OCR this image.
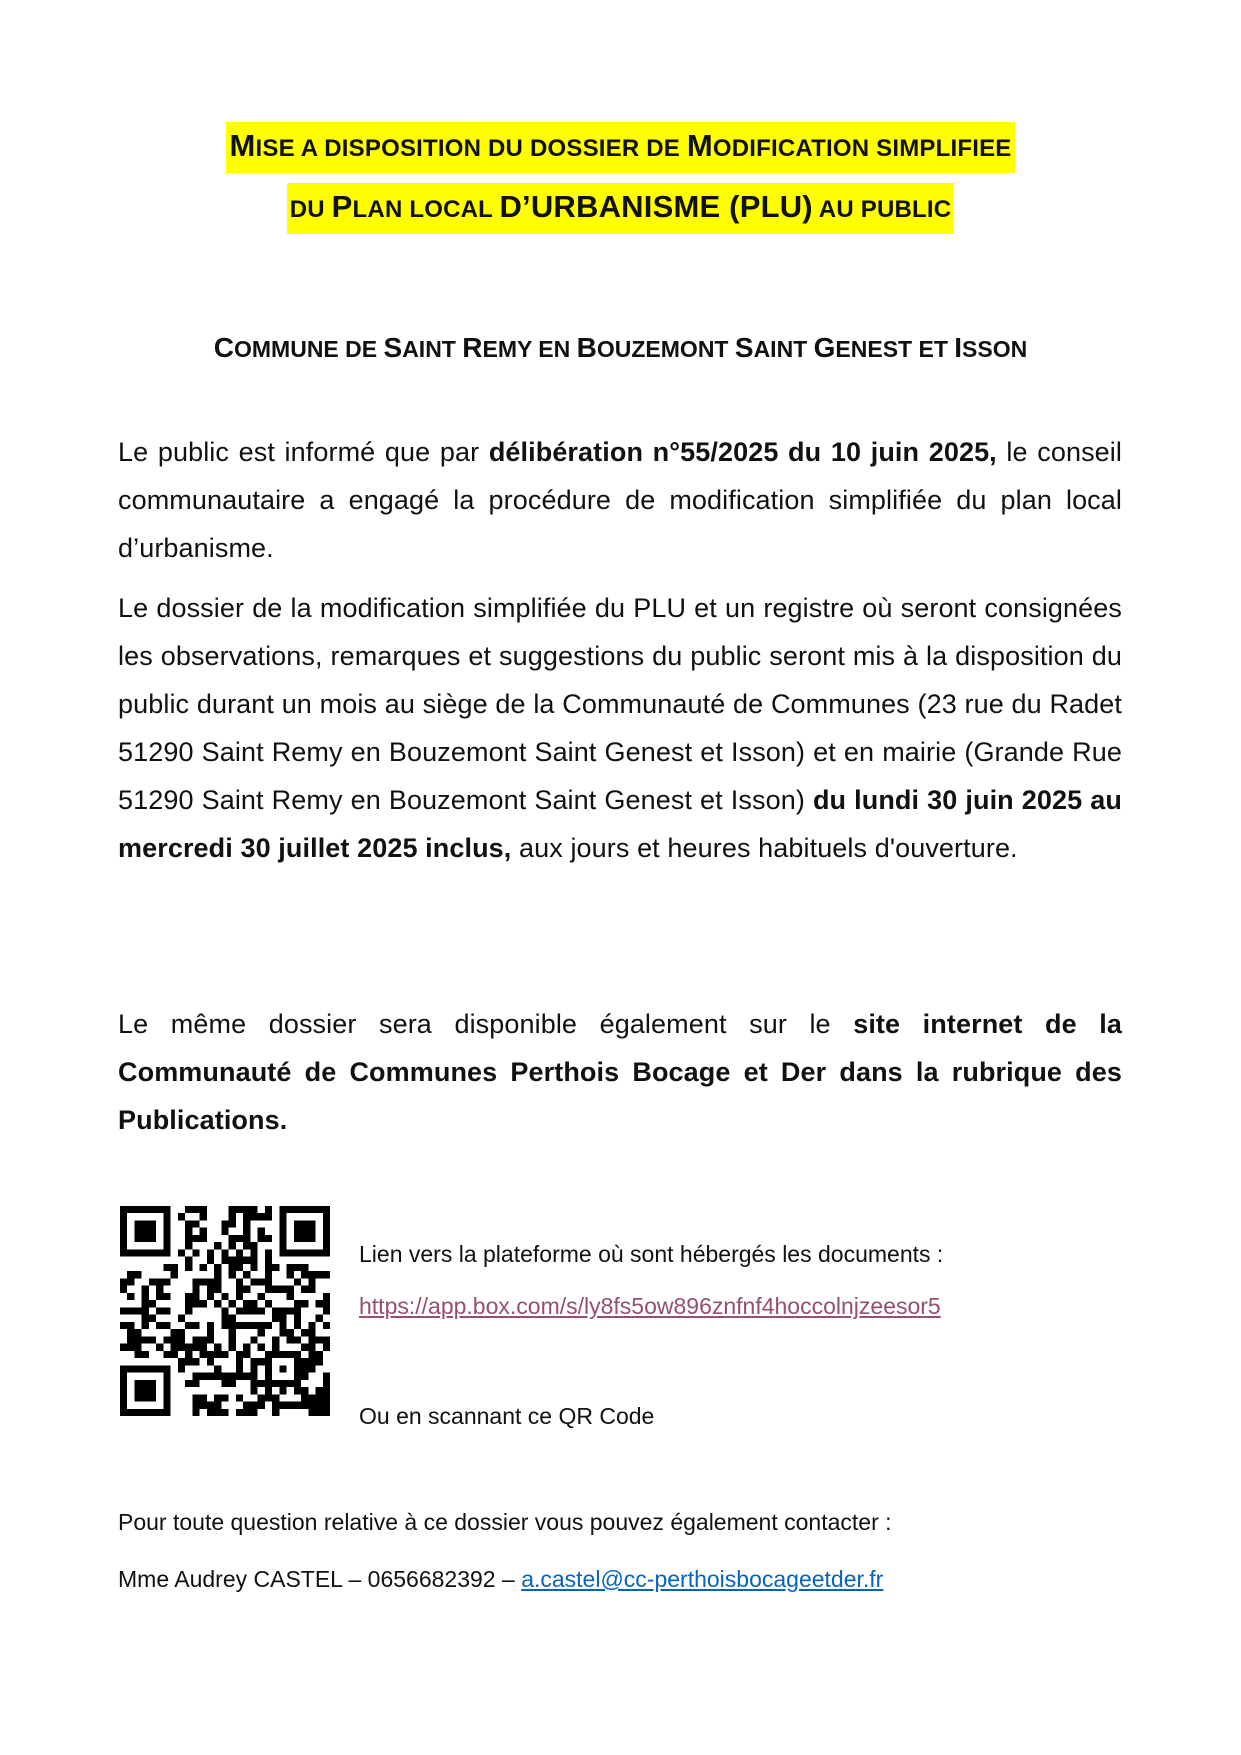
MISE A DISPOSITION DU DOSSIER DE MODIFICATION SIMPLIFIEE
DU PLAN LOCAL D’URBANISME (PLU) AU PUBLIC
COMMUNE DE SAINT REMY EN BOUZEMONT SAINT GENEST ET ISSON
Le public est informé que par délibération n°55/2025 du 10 juin 2025, le conseil communautaire a engagé la procédure de modification simplifiée du plan local d’urbanisme.
Le dossier de la modification simplifiée du PLU et un registre où seront consignées les observations, remarques et suggestions du public seront mis à la disposition du public durant un mois au siège de la Communauté de Communes (23 rue du Radet 51290 Saint Remy en Bouzemont Saint Genest et Isson) et en mairie (Grande Rue 51290 Saint Remy en Bouzemont Saint Genest et Isson) du lundi 30 juin 2025 au mercredi 30 juillet 2025 inclus, aux jours et heures habituels d'ouverture.
Le même dossier sera disponible également sur le site internet de la Communauté de Communes Perthois Bocage et Der dans la rubrique des Publications.
Lien vers la plateforme où sont hébergés les documents :
https://app.box.com/s/ly8fs5ow896znfnf4hoccolnjzeesor5
Ou en scannant ce QR Code
Pour toute question relative à ce dossier vous pouvez également contacter :
Mme Audrey CASTEL – 0656682392 – a.castel@cc-perthoisbocageetder.fr
